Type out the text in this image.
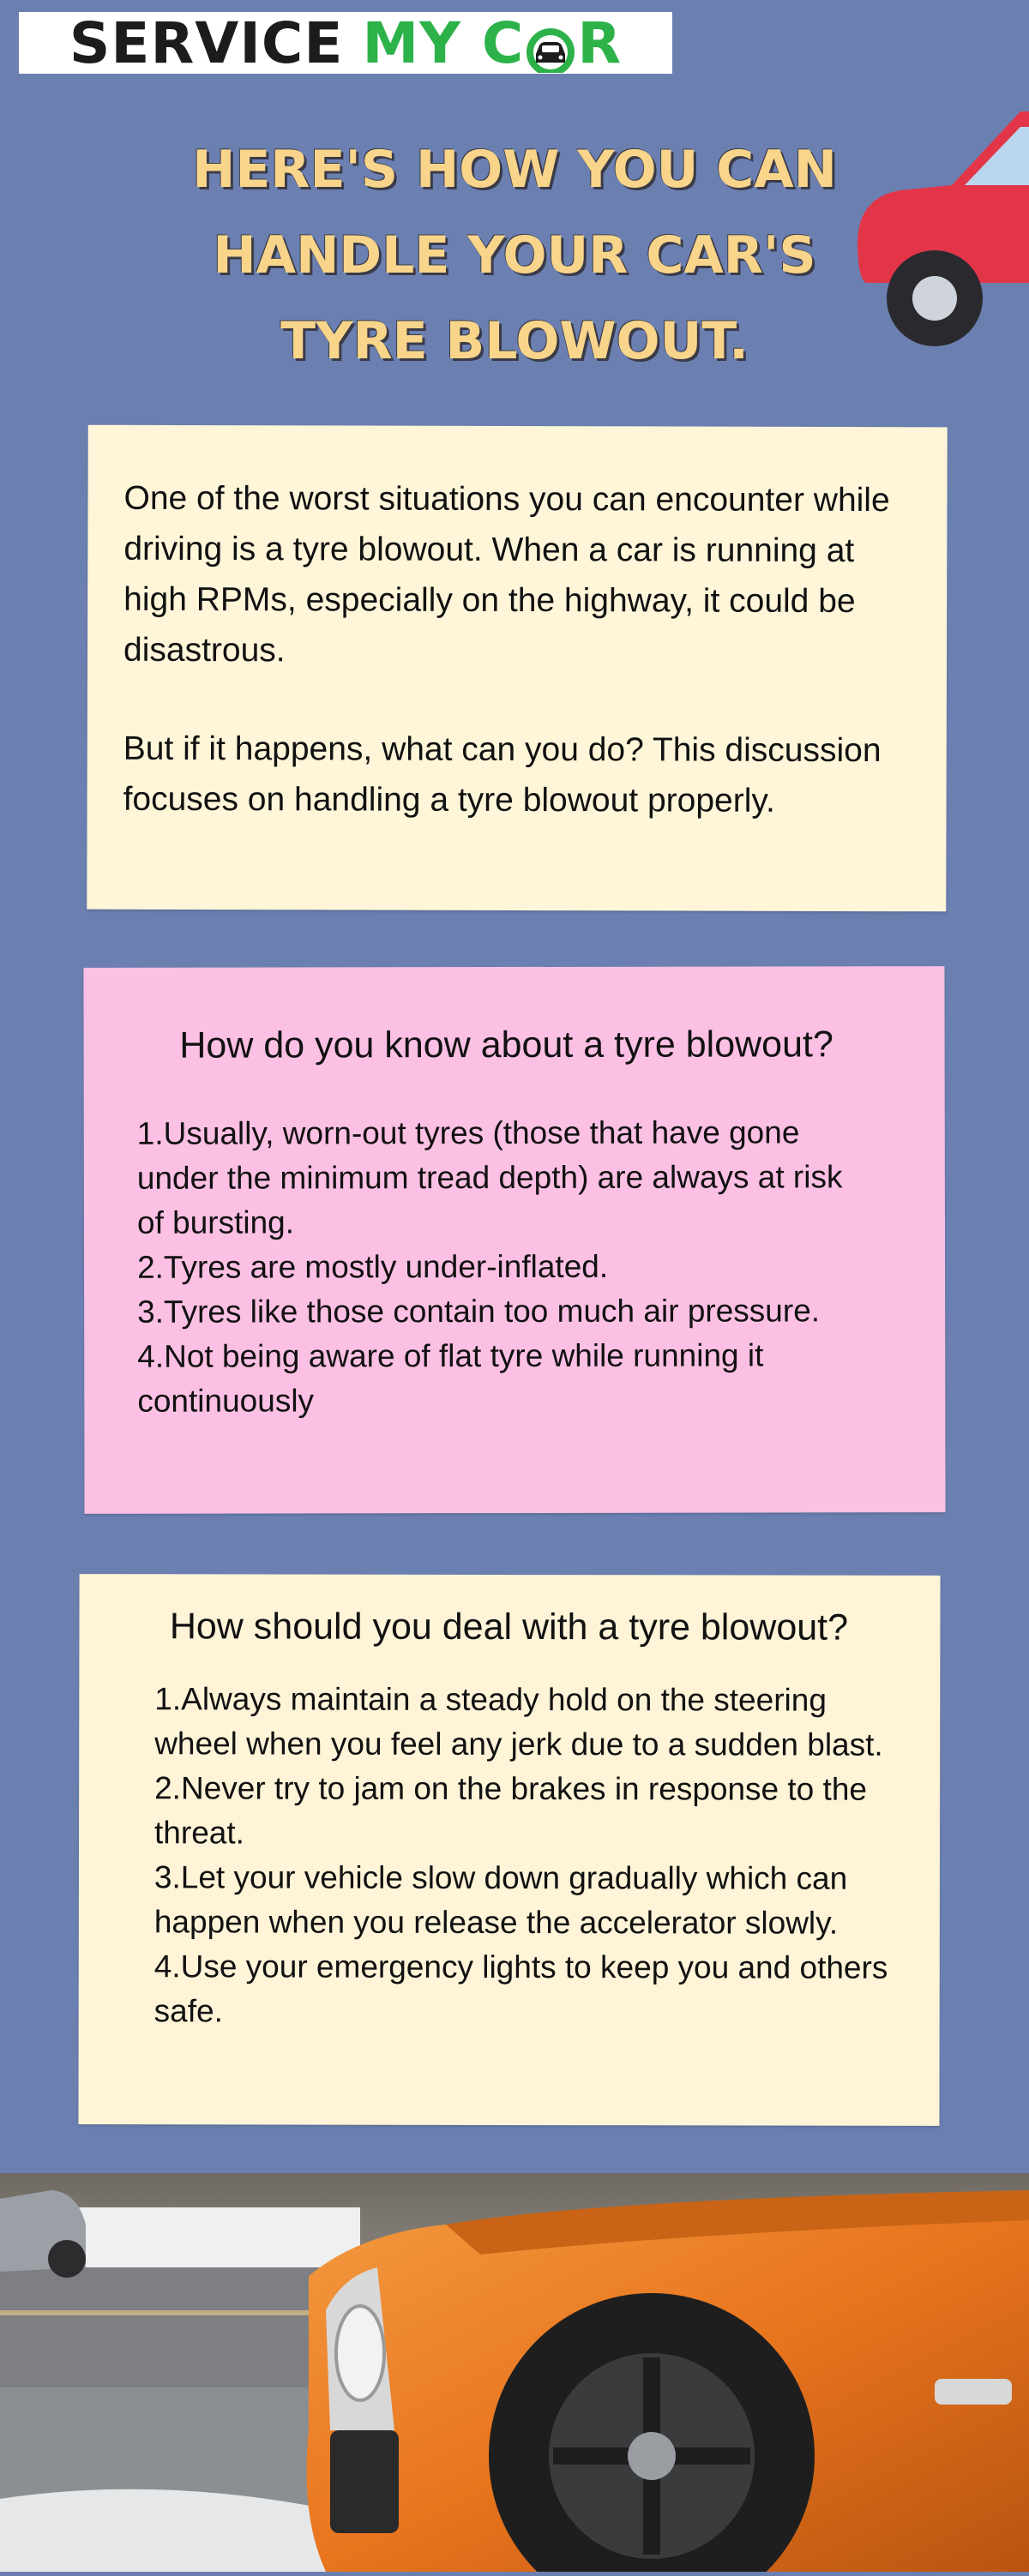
SERVICE MY C R
HERE'S HOW YOU CAN
HANDLE YOUR CAR'S
TYRE BLOWOUT.

One of the worst situations you can encounter while driving is a tyre blowout. When a car is running at high RPMs, especially on the highway, it could be disastrous.

But if it happens, what can you do? This discussion focuses on handling a tyre blowout properly.

How do you know about a tyre blowout?
1.Usually, worn-out tyres (those that have gone under the minimum tread depth) are always at risk of bursting.
2.Tyres are mostly under-inflated.
3.Tyres like those contain too much air pressure.
4.Not being aware of flat tyre while running it continuously
How should you deal with a tyre blowout?
1.Always maintain a steady hold on the steering wheel when you feel any jerk due to a sudden blast.
2.Never try to jam on the brakes in response to the threat.
3.Let your vehicle slow down gradually which can happen when you release the accelerator slowly.
4.Use your emergency lights to keep you and others safe.
